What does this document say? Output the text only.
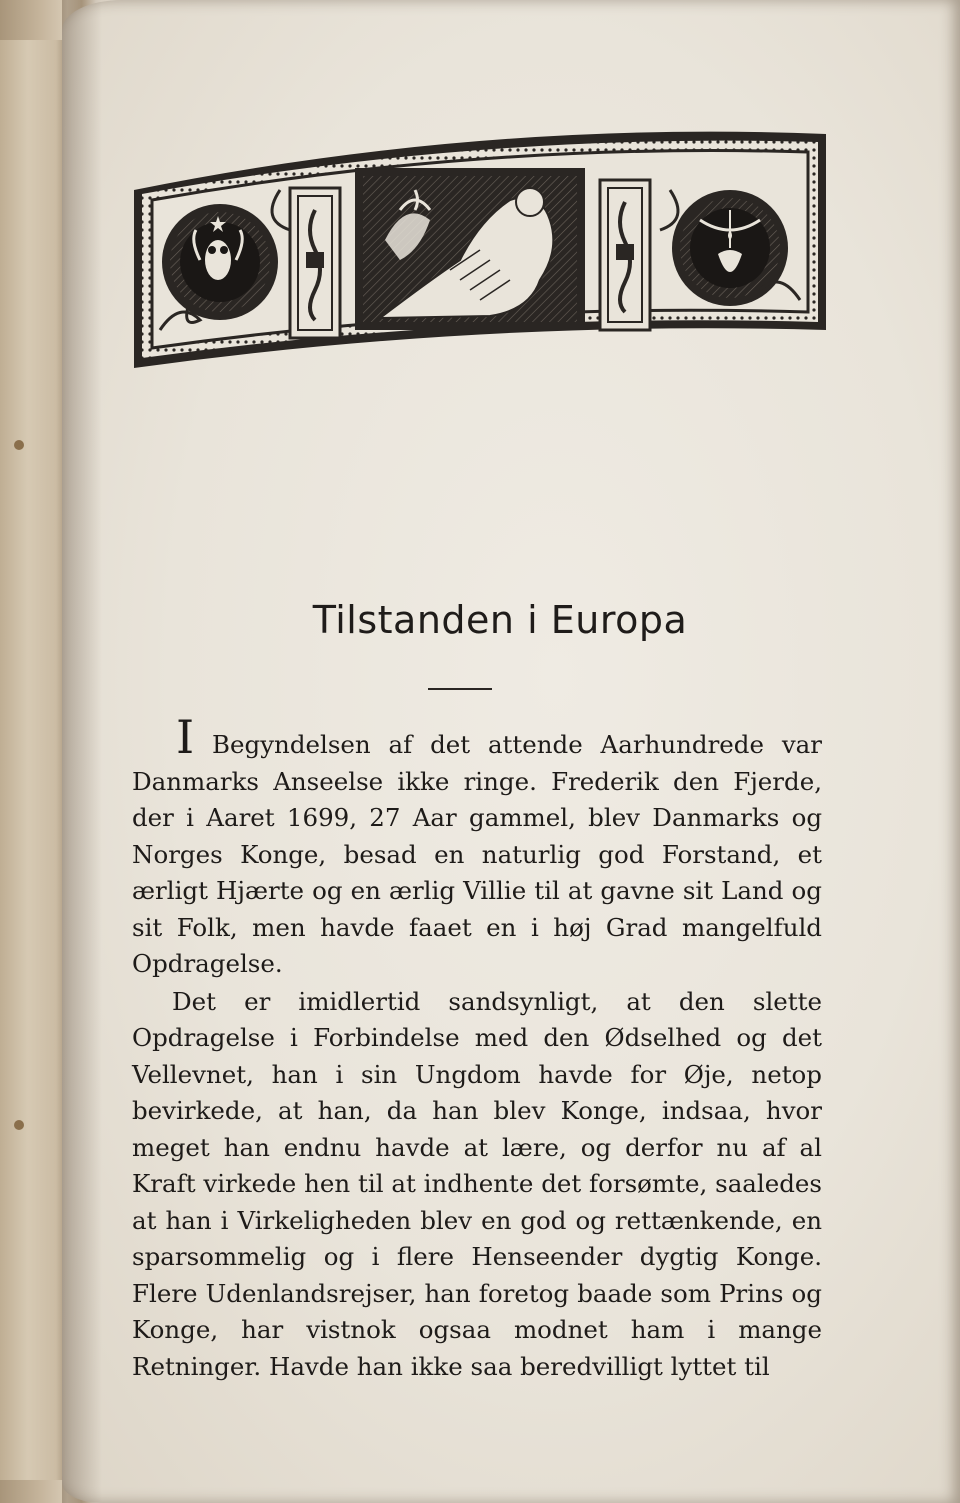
Tilstanden i Europa

I Begyndelsen af det attende Aarhundrede var Danmarks Anseelse ikke ringe. Frederik den Fjerde, der i Aaret 1699, 27 Aar gammel, blev Danmarks og Norges Konge, besad en naturlig god Forstand, et ærligt Hjærte og en ærlig Villie til at gavne sit Land og sit Folk, men havde faaet en i høj Grad mangelfuld Opdragelse.

Det er imidlertid sandsynligt, at den slette Opdragelse i Forbindelse med den Ødselhed og det Vellevnet, han i sin Ungdom havde for Øje, netop bevirkede, at han, da han blev Konge, indsaa, hvor meget han endnu havde at lære, og derfor nu af al Kraft virkede hen til at indhente det forsømte, saaledes at han i Virkeligheden blev en god og rettænkende, en sparsommelig og i flere Henseender dygtig Konge. Flere Udenlandsrejser, han foretog baade som Prins og Konge, har vistnok ogsaa modnet ham i mange Retninger. Havde han ikke saa beredvilligt lyttet til
